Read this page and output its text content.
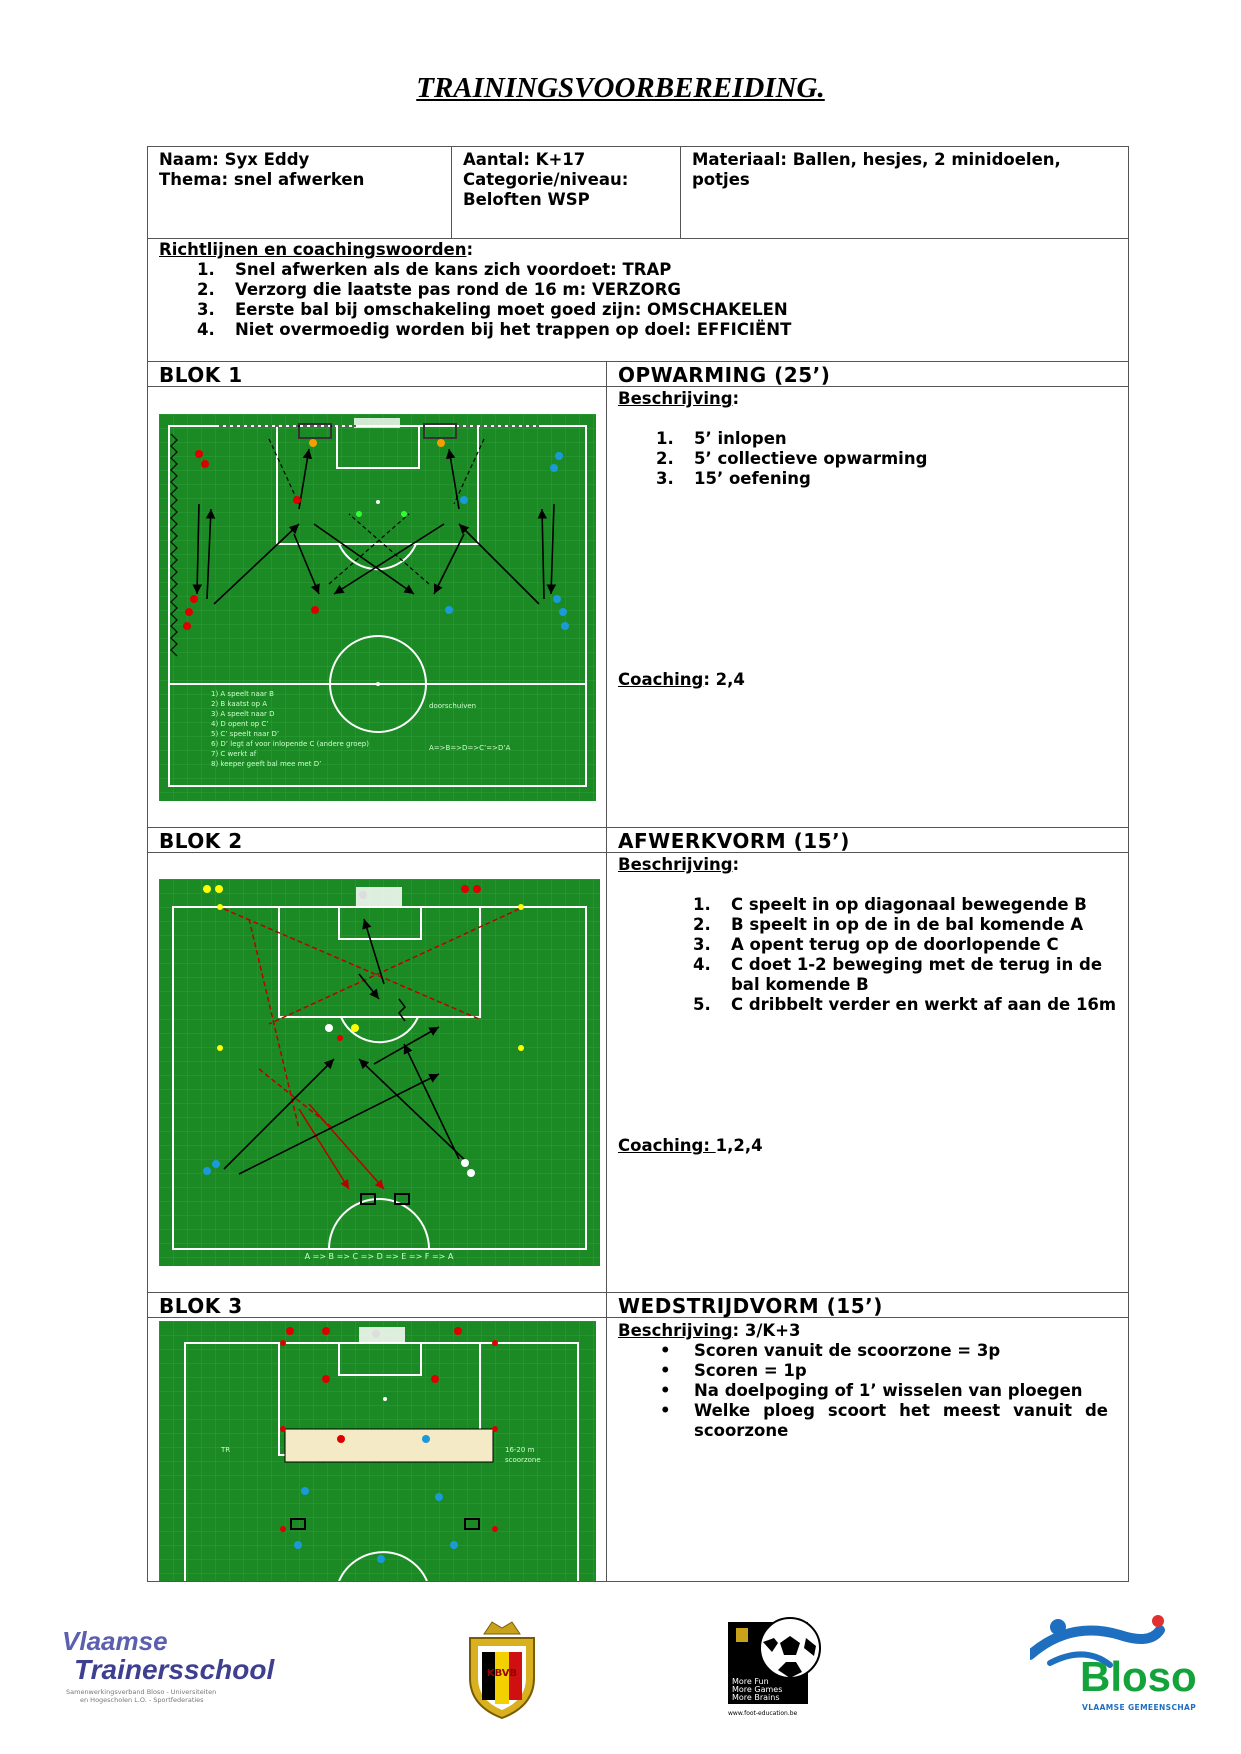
TRAININGSVOORBEREIDING.
Naam: Syx Eddy
Thema: snel afwerken
Aantal: K+17
Categorie/niveau:
Beloften WSP
Materiaal: Ballen, hesjes, 2 minidoelen,
potjes
Richtlijnen en coachingswoorden:
1. Snel afwerken als de kans zich voordoet: TRAP
2. Verzorg die laatste pas rond de 16 m: VERZORG
3. Eerste bal bij omschakeling moet goed zijn: OMSCHAKELEN
4. Niet overmoedig worden bij het trappen op doel: EFFICIËNT
BLOK 1	OPWARMING (25’)
Beschrijving:
1. 5’ inlopen
2. 5’ collectieve opwarming
3. 15’ oefening
Coaching: 2,4
1) A speelt naar B
2) B kaatst op A
3) A speelt naar D
4) D opent op C’
5) C’ speelt naar D’
6) D’ legt af voor inlopende C (andere groep)
7) C werkt af
8) keeper geeft bal mee met D’
doorschuiven
A=>B=>D=>C’=>D’A
BLOK 2	AFWERKVORM (15’)
Beschrijving:
1. C speelt in op diagonaal bewegende B
2. B speelt in op de in de bal komende A
3. A opent terug op de doorlopende C
4. C doet 1-2 beweging met de terug in de bal komende B
5. C dribbelt verder en werkt af aan de 16m
Coaching: 1,2,4
A => B => C => D => E => F => A
BLOK 3	WEDSTRIJDVORM (15’)
Beschrijving: 3/K+3
• Scoren vanuit de scoorzone = 3p
• Scoren = 1p
• Na doelpoging of 1’ wisselen van ploegen
• Welke ploeg scoort het meest vanuit de scoorzone
TR	16-20 m
scoorzone
Vlaamse
Trainersschool
Samenwerkingsverband Bloso - Universiteiten
en Hogescholen L.O. - Sportfederaties
KBVB
More Fun
More Games
More Brains
www.foot-education.be
Bloso
VLAAMSE GEMEENSCHAP
